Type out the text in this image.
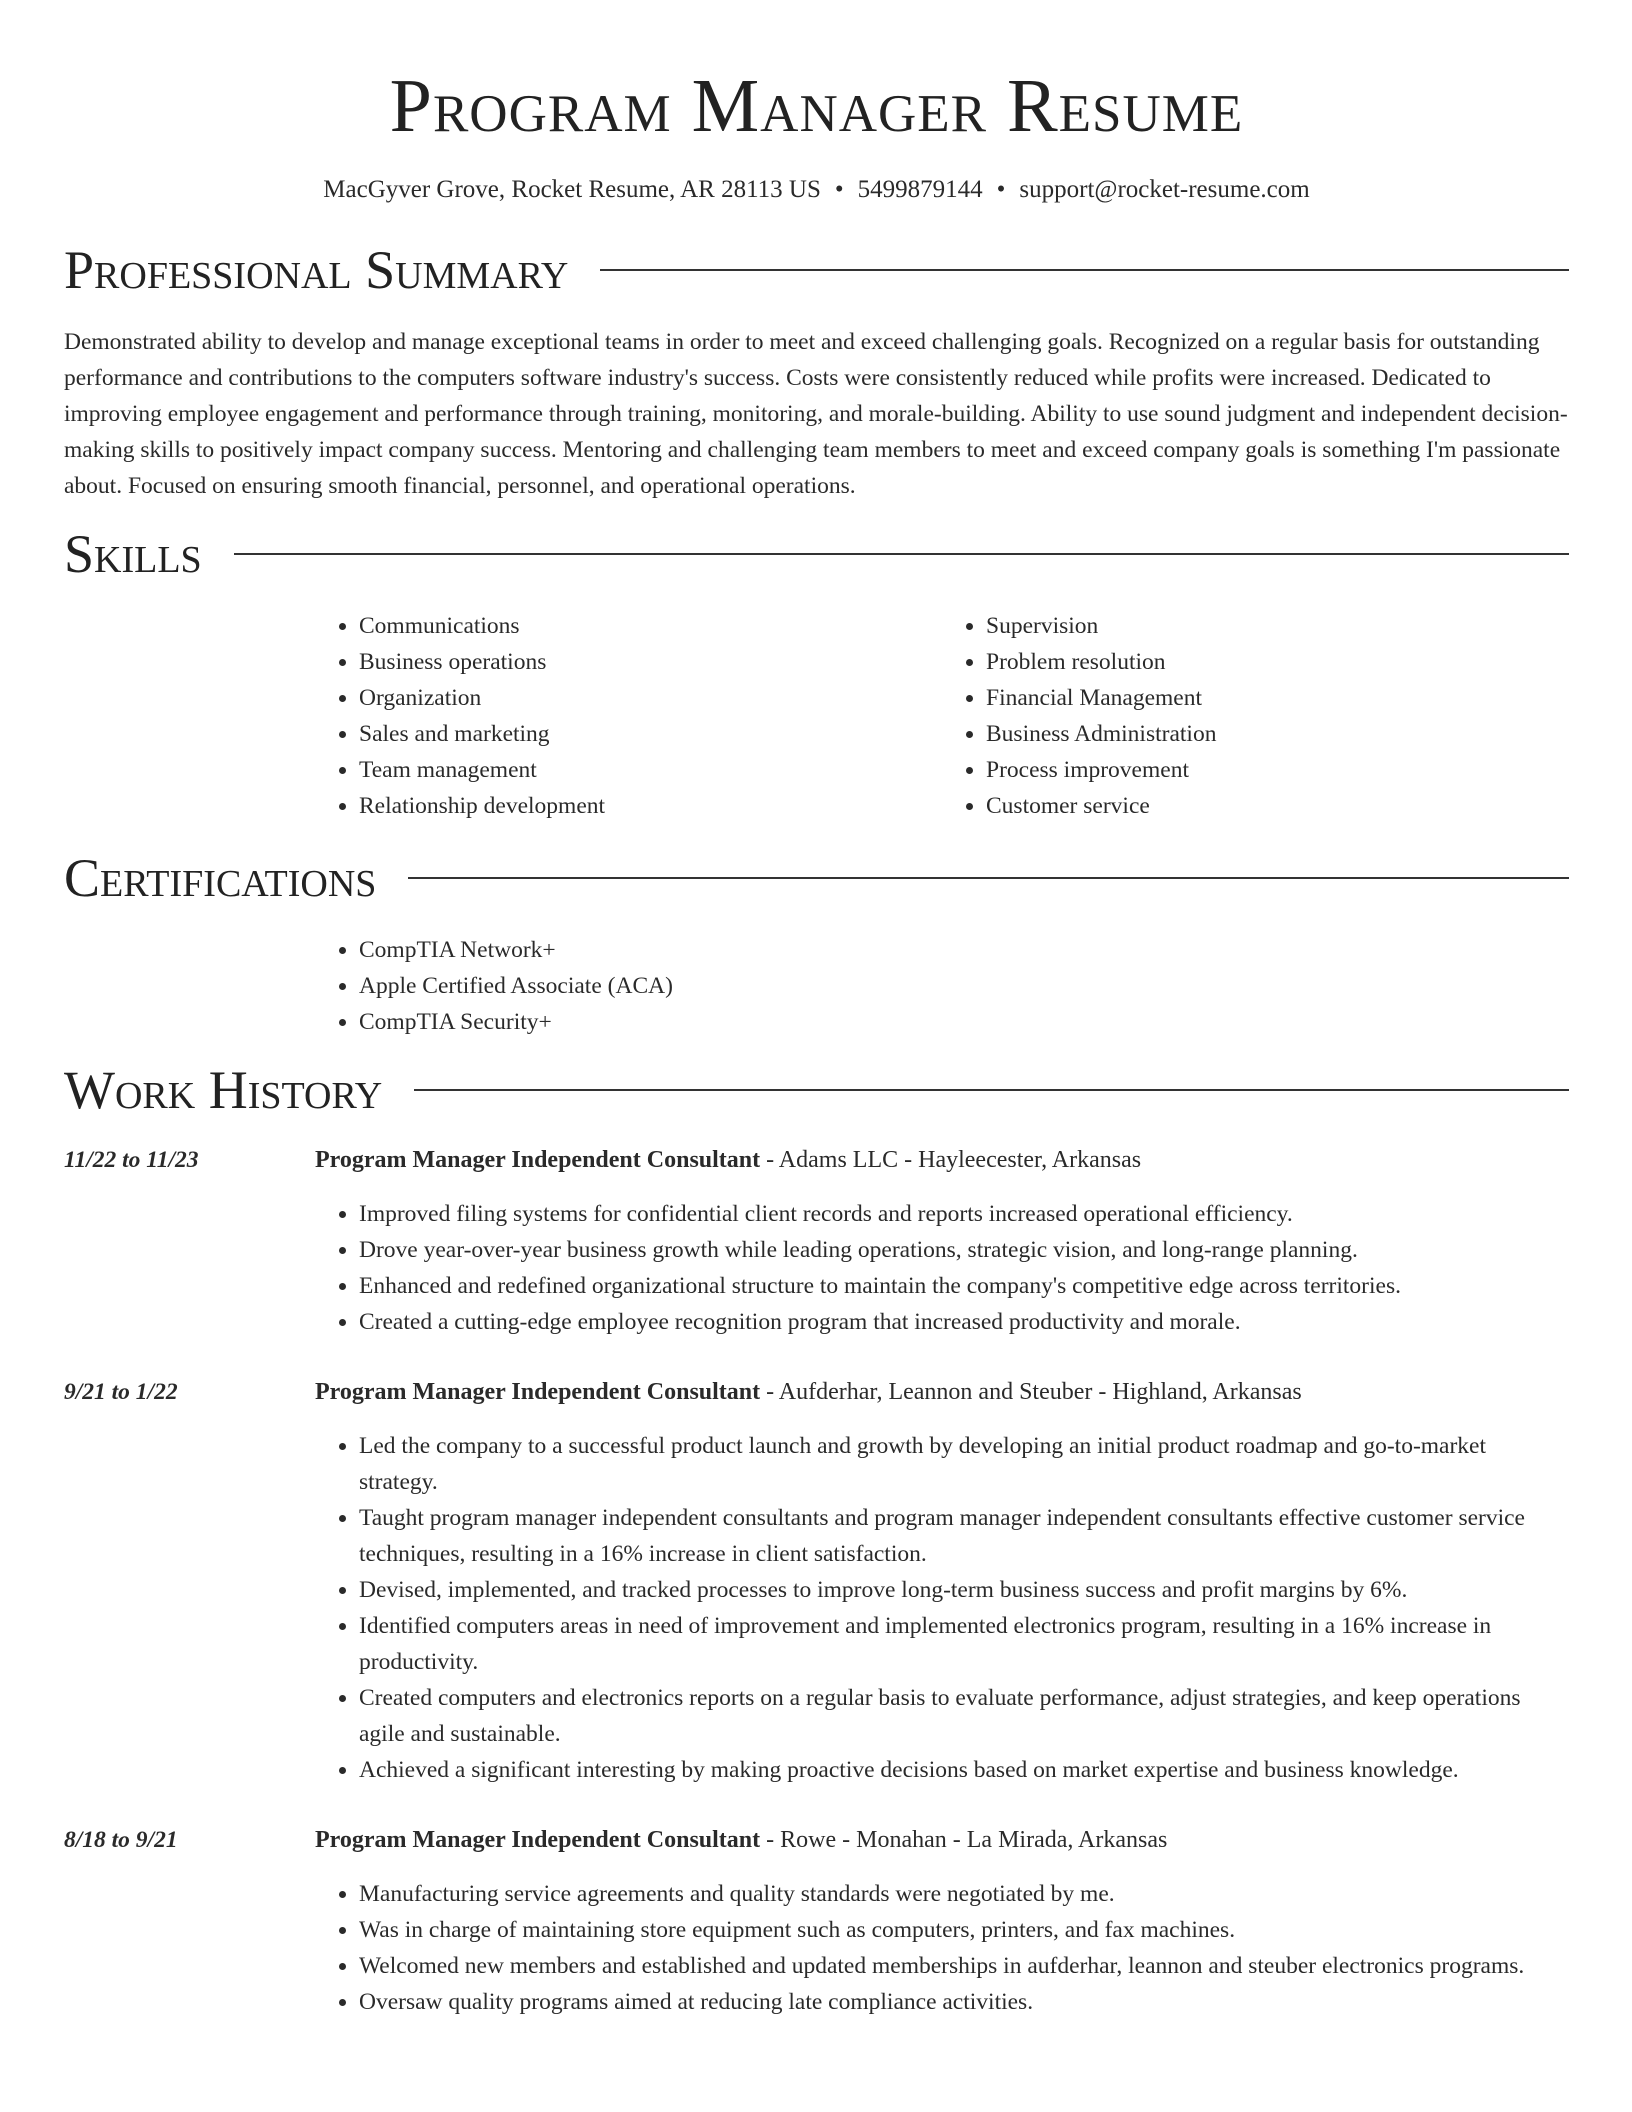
Program Manager Resume
MacGyver Grove, Rocket Resume, AR 28113 US • 5499879144 • support@rocket-resume.com
Professional Summary

Demonstrated ability to develop and manage exceptional teams in order to meet and exceed challenging goals. Recognized on a regular basis for outstanding performance and contributions to the computers software industry's success. Costs were consistently reduced while profits were increased. Dedicated to improving employee engagement and performance through training, monitoring, and morale-building. Ability to use sound judgment and independent decision-making skills to positively impact company success. Mentoring and challenging team members to meet and exceed company goals is something I'm passionate about. Focused on ensuring smooth financial, personnel, and operational operations.

Skills
• Communications
• Business operations
• Organization
• Sales and marketing
• Team management
• Relationship development
• Supervision
• Problem resolution
• Financial Management
• Business Administration
• Process improvement
• Customer service
Certifications
• CompTIA Network+
• Apple Certified Associate (ACA)
• CompTIA Security+
Work History
11/22 to 11/23	Program Manager Independent Consultant - Adams LLC - Hayleecester, Arkansas
• Improved filing systems for confidential client records and reports increased operational efficiency.
• Drove year-over-year business growth while leading operations, strategic vision, and long-range planning.
• Enhanced and redefined organizational structure to maintain the company's competitive edge across territories.
• Created a cutting-edge employee recognition program that increased productivity and morale.
9/21 to 1/22	Program Manager Independent Consultant - Aufderhar, Leannon and Steuber - Highland, Arkansas
• Led the company to a successful product launch and growth by developing an initial product roadmap and go-to-market strategy.
• Taught program manager independent consultants and program manager independent consultants effective customer service techniques, resulting in a 16% increase in client satisfaction.
• Devised, implemented, and tracked processes to improve long-term business success and profit margins by 6%.
• Identified computers areas in need of improvement and implemented electronics program, resulting in a 16% increase in productivity.
• Created computers and electronics reports on a regular basis to evaluate performance, adjust strategies, and keep operations agile and sustainable.
• Achieved a significant interesting by making proactive decisions based on market expertise and business knowledge.
8/18 to 9/21	Program Manager Independent Consultant - Rowe - Monahan - La Mirada, Arkansas
• Manufacturing service agreements and quality standards were negotiated by me.
• Was in charge of maintaining store equipment such as computers, printers, and fax machines.
• Welcomed new members and established and updated memberships in aufderhar, leannon and steuber electronics programs.
• Oversaw quality programs aimed at reducing late compliance activities.
